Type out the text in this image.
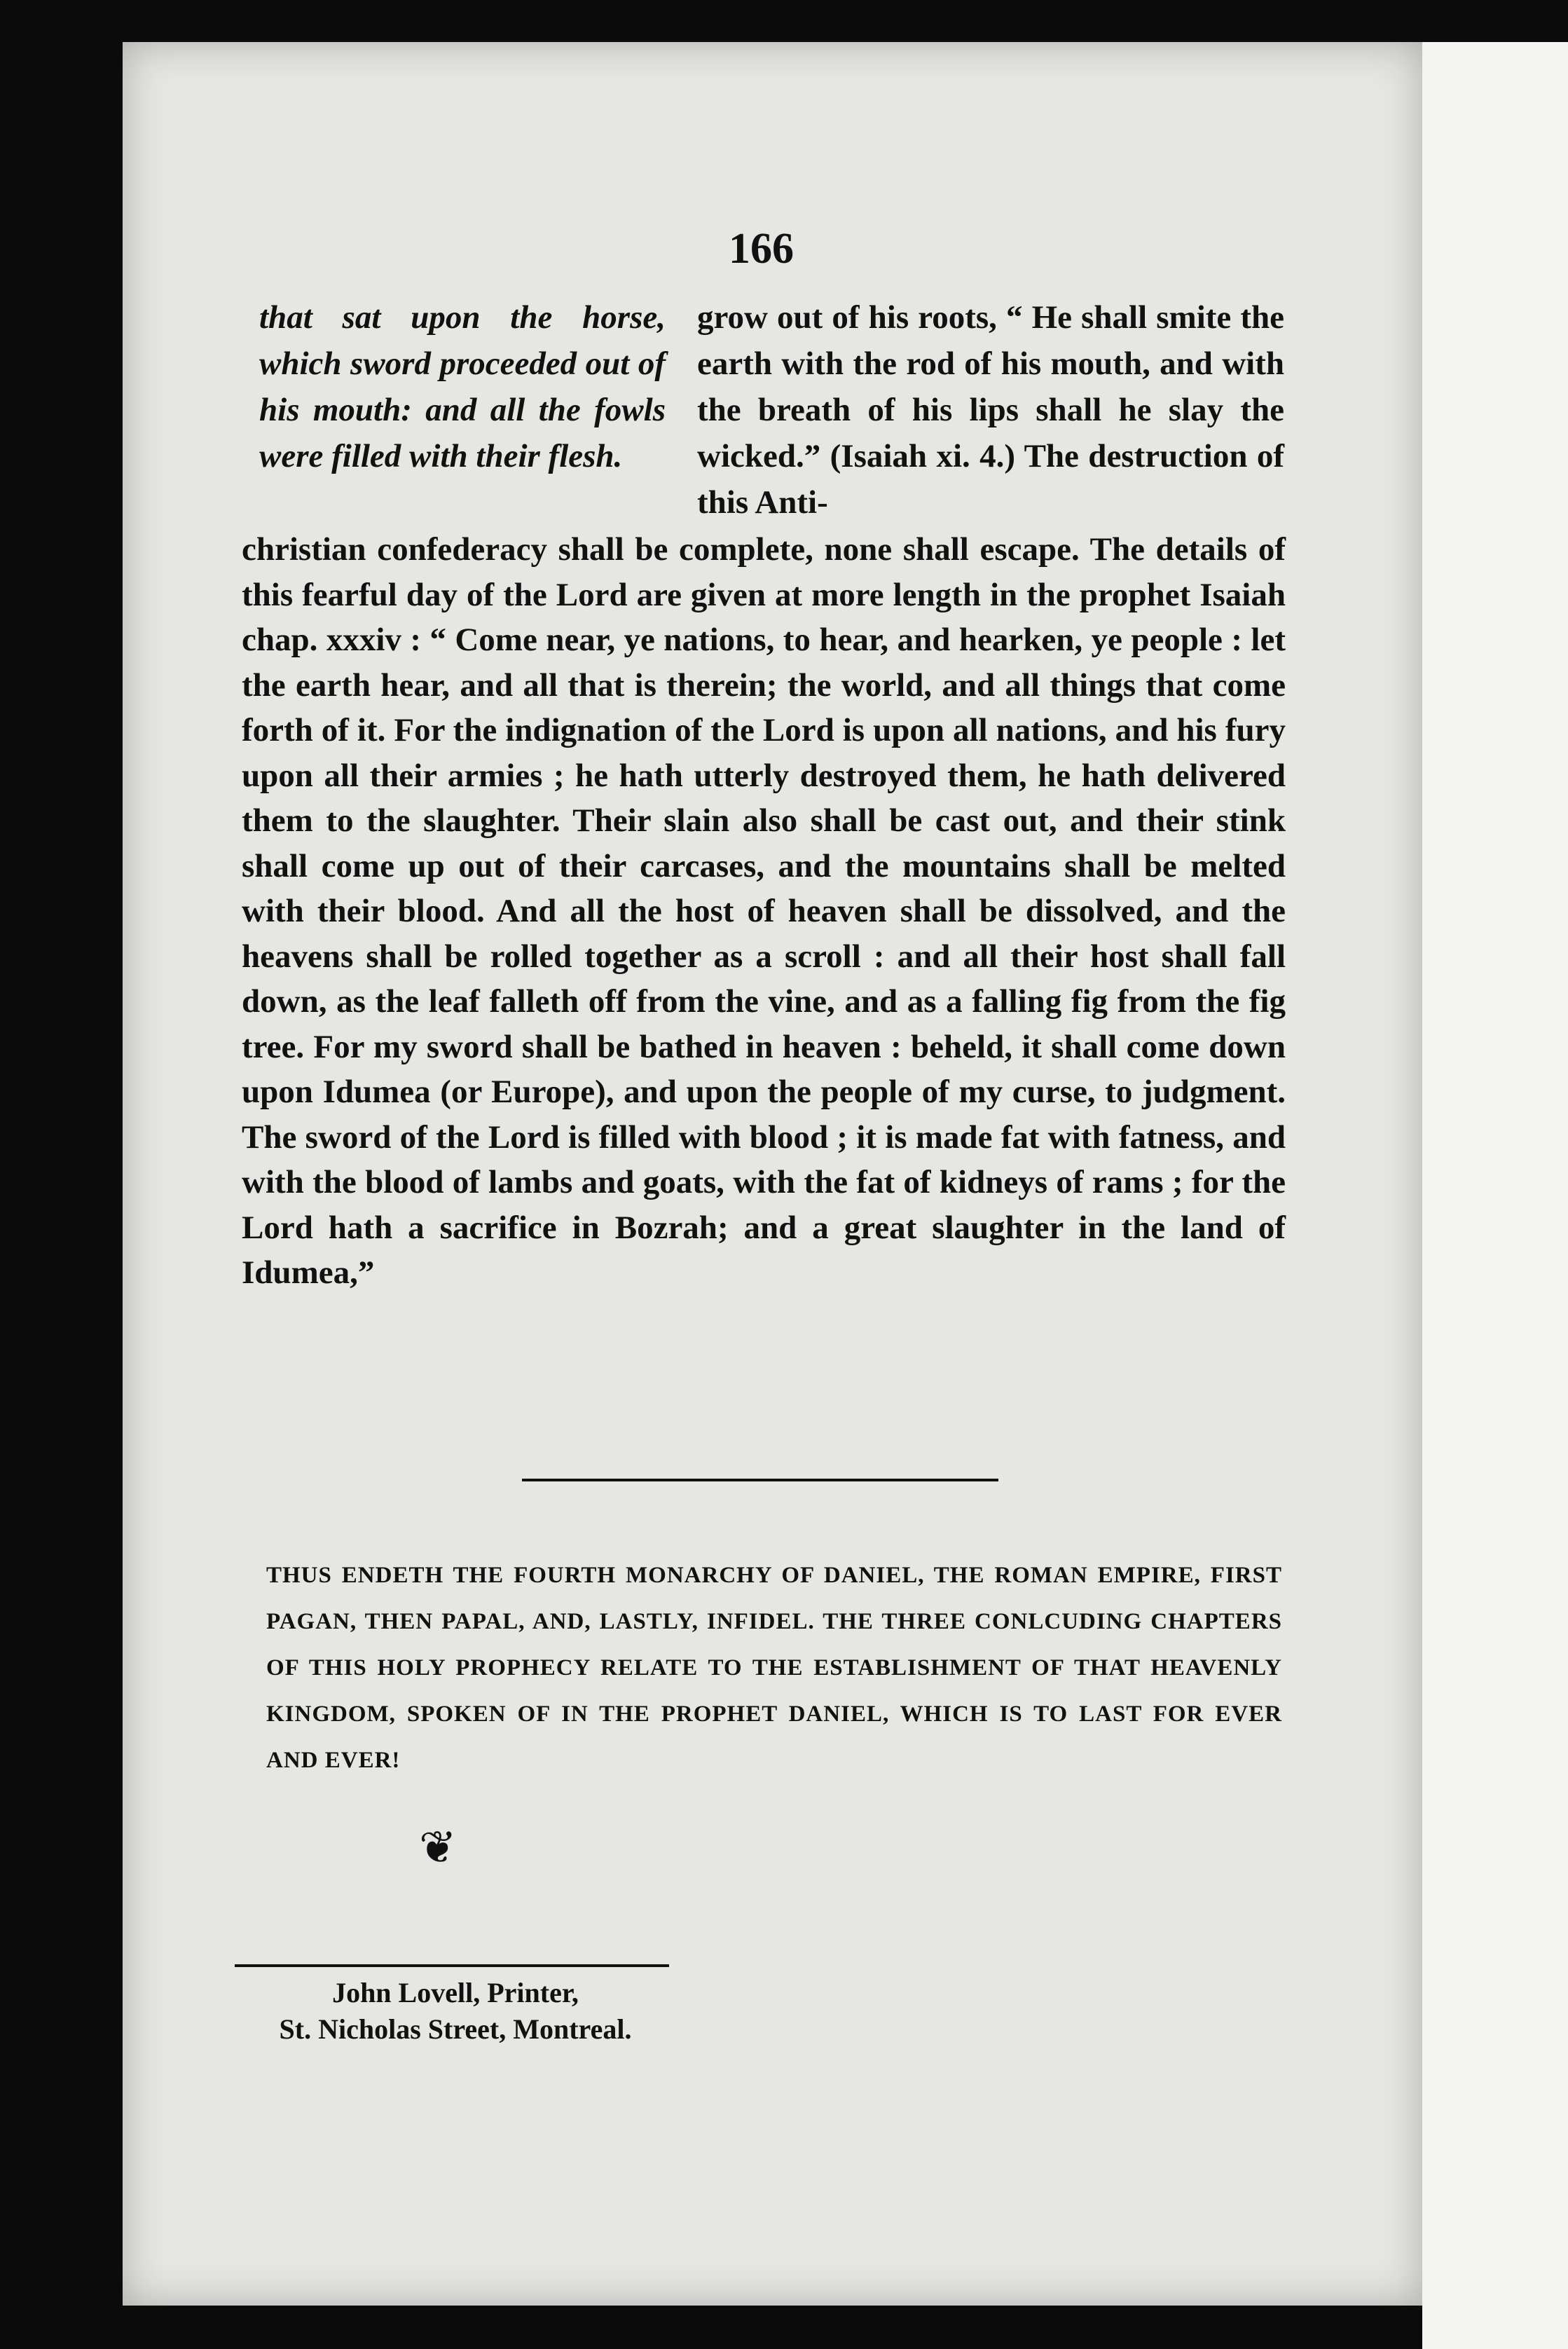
166
that sat upon the horse, which sword proceeded out of his mouth: and all the fowls were filled with their flesh.
grow out of his roots, “ He shall smite the earth with the rod of his mouth, and with the breath of his lips shall he slay the wicked.” (Isaiah xi. 4.) The destruction of this Anti-
christian confederacy shall be complete, none shall escape. The details of this fearful day of the Lord are given at more length in the prophet Isaiah chap. xxxiv : “ Come near, ye nations, to hear, and hearken, ye people : let the earth hear, and all that is therein; the world, and all things that come forth of it. For the indignation of the Lord is upon all nations, and his fury upon all their armies ; he hath utterly destroyed them, he hath delivered them to the slaughter. Their slain also shall be cast out, and their stink shall come up out of their carcases, and the mountains shall be melted with their blood. And all the host of heaven shall be dissolved, and the heavens shall be rolled together as a scroll : and all their host shall fall down, as the leaf falleth off from the vine, and as a falling fig from the fig tree. For my sword shall be bathed in heaven : beheld, it shall come down upon Idumea (or Europe), and upon the people of my curse, to judgment. The sword of the Lord is filled with blood ; it is made fat with fatness, and with the blood of lambs and goats, with the fat of kidneys of rams ; for the Lord hath a sacrifice in Bozrah; and a great slaughter in the land of Idumea,”
THUS ENDETH THE FOURTH MONARCHY OF DANIEL, THE ROMAN EMPIRE, FIRST PAGAN, THEN PAPAL, AND, LASTLY, INFIDEL. THE THREE CONLCUDING CHAPTERS OF THIS HOLY PROPHECY RELATE TO THE ESTABLISHMENT OF THAT HEAVENLY KINGDOM, SPOKEN OF IN THE PROPHET DANIEL, WHICH IS TO LAST FOR EVER AND EVER!
❦
John Lovell, Printer,
St. Nicholas Street, Montreal.
